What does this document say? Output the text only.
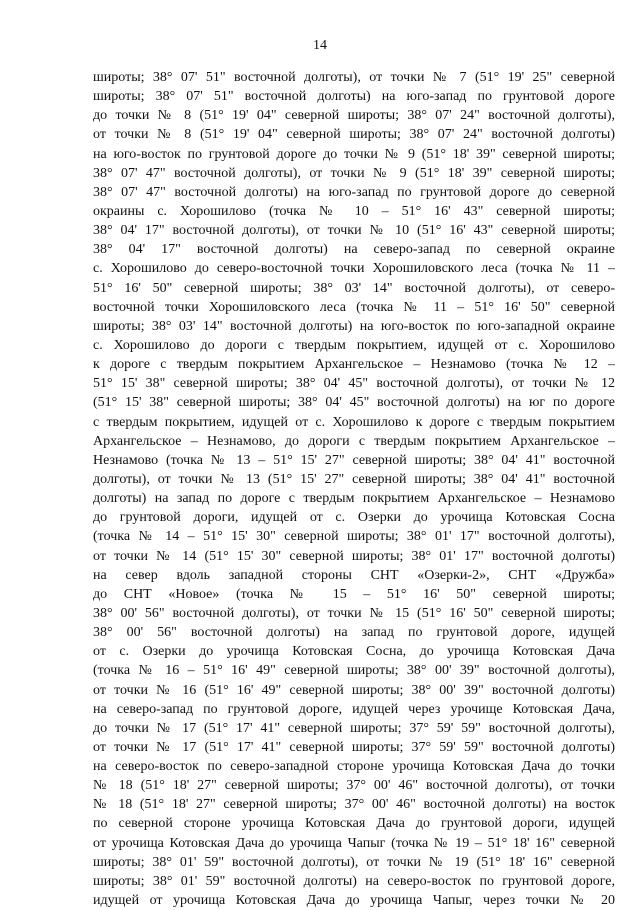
14
широты; 38° 07' 51" восточной долготы), от точки № 7 (51° 19' 25" северной
широты; 38° 07' 51" восточной долготы) на юго-запад по грунтовой дороге
до точки № 8 (51° 19' 04" северной широты; 38° 07' 24" восточной долготы),
от точки № 8 (51° 19' 04" северной широты; 38° 07' 24" восточной долготы)
на юго-восток по грунтовой дороге до точки № 9 (51° 18' 39" северной широты;
38° 07' 47" восточной долготы), от точки № 9 (51° 18' 39" северной широты;
38° 07' 47" восточной долготы) на юго-запад по грунтовой дороге до северной
окраины с. Хорошилово (точка № 10 – 51° 16' 43" северной широты;
38° 04' 17" восточной долготы), от точки № 10 (51° 16' 43" северной широты;
38° 04' 17" восточной долготы) на северо-запад по северной окраине
с. Хорошилово до северо-восточной точки Хорошиловского леса (точка № 11 –
51° 16' 50" северной широты; 38° 03' 14" восточной долготы), от северо-
восточной точки Хорошиловского леса (точка № 11 – 51° 16' 50" северной
широты; 38° 03' 14" восточной долготы) на юго-восток по юго-западной окраине
с. Хорошилово до дороги с твердым покрытием, идущей от с. Хорошилово
к дороге с твердым покрытием Архангельское – Незнамово (точка № 12 –
51° 15' 38" северной широты; 38° 04' 45" восточной долготы), от точки № 12
(51° 15' 38" северной широты; 38° 04' 45" восточной долготы) на юг по дороге
с твердым покрытием, идущей от с. Хорошилово к дороге с твердым покрытием
Архангельское – Незнамово, до дороги с твердым покрытием Архангельское –
Незнамово (точка № 13 – 51° 15' 27" северной широты; 38° 04' 41" восточной
долготы), от точки № 13 (51° 15' 27" северной широты; 38° 04' 41" восточной
долготы) на запад по дороге с твердым покрытием Архангельское – Незнамово
до грунтовой дороги, идущей от с. Озерки до урочища Котовская Сосна
(точка № 14 – 51° 15' 30" северной широты; 38° 01' 17" восточной долготы),
от точки № 14 (51° 15' 30" северной широты; 38° 01' 17" восточной долготы)
на север вдоль западной стороны СНТ «Озерки-2», СНТ «Дружба»
до СНТ «Новое» (точка № 15 – 51° 16' 50" северной широты;
38° 00' 56" восточной долготы), от точки № 15 (51° 16' 50" северной широты;
38° 00' 56" восточной долготы) на запад по грунтовой дороге, идущей
от с. Озерки до урочища Котовская Сосна, до урочища Котовская Дача
(точка № 16 – 51° 16' 49" северной широты; 38° 00' 39" восточной долготы),
от точки № 16 (51° 16' 49" северной широты; 38° 00' 39" восточной долготы)
на северо-запад по грунтовой дороге, идущей через урочище Котовская Дача,
до точки № 17 (51° 17' 41" северной широты; 37° 59' 59" восточной долготы),
от точки № 17 (51° 17' 41" северной широты; 37° 59' 59" восточной долготы)
на северо-восток по северо-западной стороне урочища Котовская Дача до точки
№ 18 (51° 18' 27" северной широты; 37° 00' 46" восточной долготы), от точки
№ 18 (51° 18' 27" северной широты; 37° 00' 46" восточной долготы) на восток
по северной стороне урочища Котовская Дача до грунтовой дороги, идущей
от урочища Котовская Дача до урочища Чапыг (точка № 19 – 51° 18' 16" северной
широты; 38° 01' 59" восточной долготы), от точки № 19 (51° 18' 16" северной
широты; 38° 01' 59" восточной долготы) на северо-восток по грунтовой дороге,
идущей от урочища Котовская Дача до урочища Чапыг, через точки № 20
